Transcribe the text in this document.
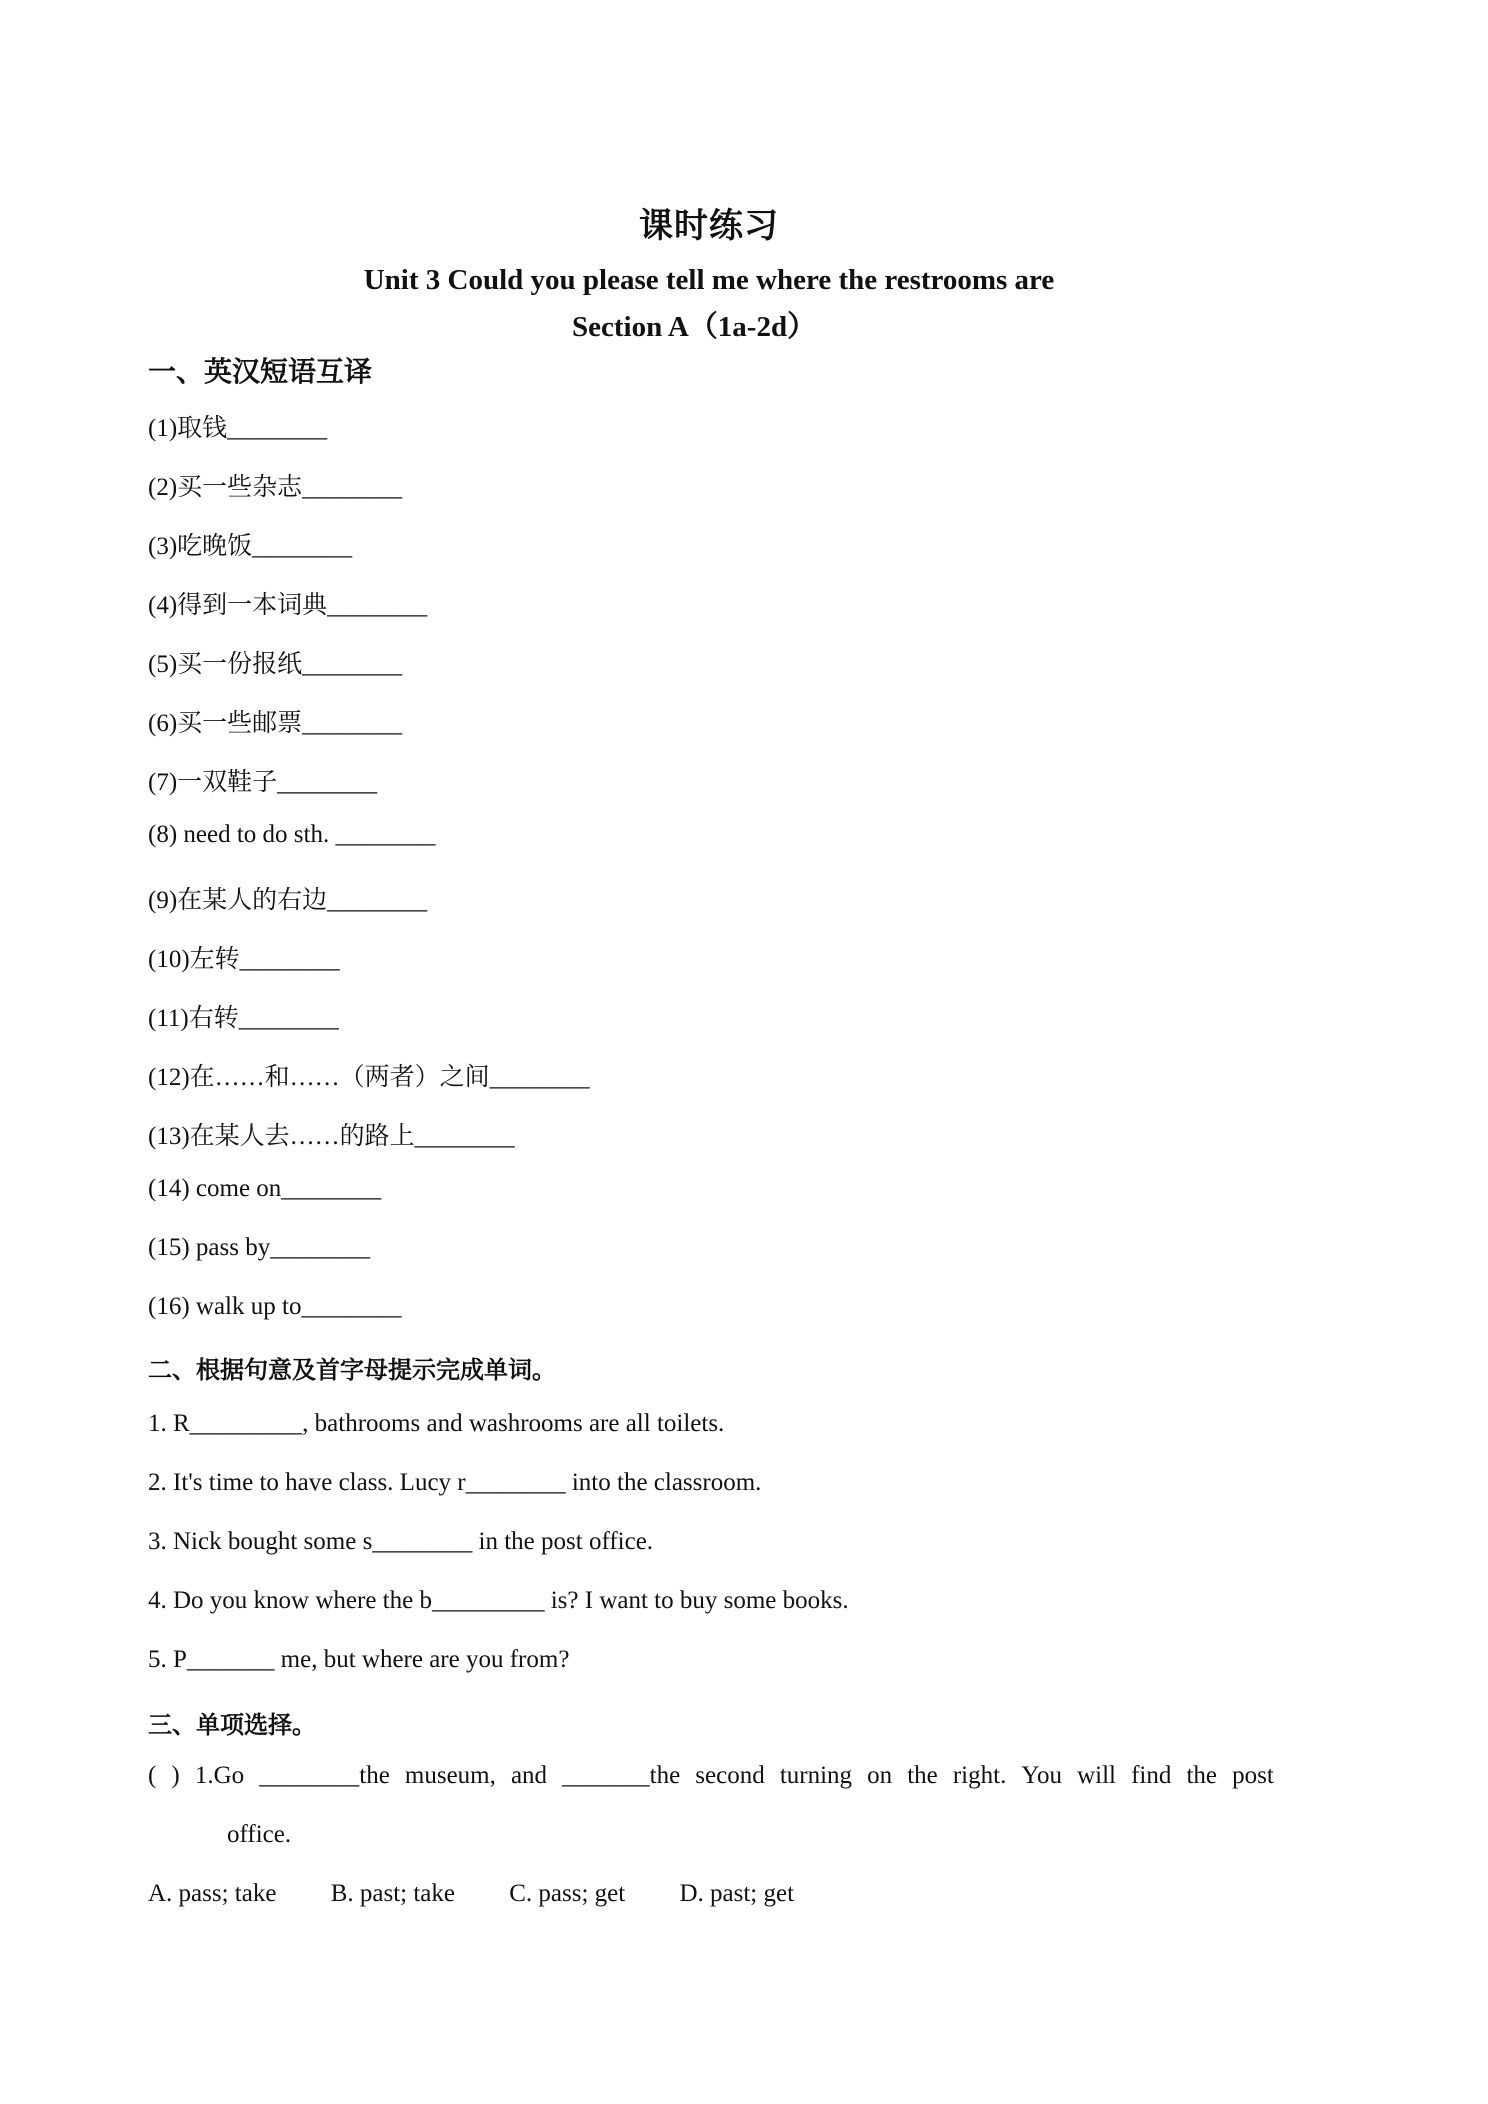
课时练习
Unit 3 Could you please tell me where the restrooms are
Section A（1a-2d）
一、英汉短语互译
(1)取钱________
(2)买一些杂志________
(3)吃晚饭________
(4)得到一本词典________
(5)买一份报纸________
(6)买一些邮票________
(7)一双鞋子________
(8) need to do sth. ________
(9)在某人的右边________
(10)左转________
(11)右转________
(12)在……和……（两者）之间________
(13)在某人去……的路上________
(14) come on________
(15) pass by________
(16) walk up to________
二、根据句意及首字母提示完成单词。
1. R_________, bathrooms and washrooms are all toilets.
2. It's time to have class. Lucy r________ into the classroom.
3. Nick bought some s________ in the post office.
4. Do you know where the b_________ is? I want to buy some books.
5. P_______ me, but where are you from?
三、单项选择。
( ) 1.Go ________the museum, and _______the second turning on the right. You will find the post
office.
A. pass; take B. past; take C. pass; get D. past; get
